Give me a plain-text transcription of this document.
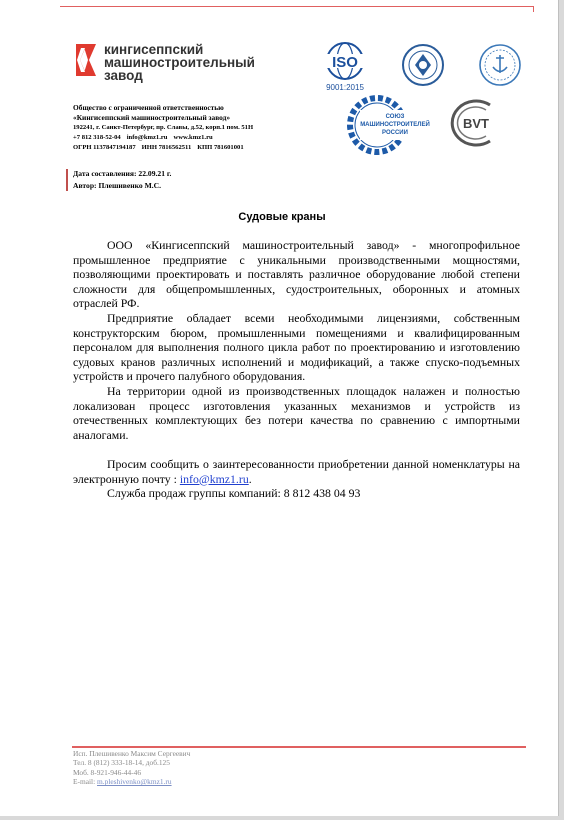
кингисеппский
машиностроительный
завод
Общество с ограниченной ответственностью
«Кингисеппский машиностроительный завод»
192241, г. Санкт-Петербург, пр. Славы, д.52, корп.1 пом. 51Н
+7 812 318-52-04 info@kmz1.ru www.kmz1.ru
ОГРН 1137847194187 ИНН 7816562511 КПП 781601001
ISO
9001:2015
СОЮЗ
МАШИНОСТРОИТЕЛЕЙ
РОССИИ
BVT
Дата составления: 22.09.21 г.
Автор: Плешивенко М.С.
Судовые краны

ООО «Кингисеппский машиностроительный завод» - многопрофильное промышленное предприятие с уникальными производственными мощностями, позволяющими проектировать и поставлять различное оборудование любой степени сложности для общепромышленных, судостроительных, оборонных и атомных отраслей РФ.

Предприятие обладает всеми необходимыми лицензиями, собственным конструкторским бюром, промышленными помещениями и квалифицированным персоналом для выполнения полного цикла работ по проектированию и изготовлению судовых кранов различных исполнений и модификаций, а также спуско-подъемных устройств и прочего палубного оборудования.

На территории одной из производственных площадок налажен и полностью локализован процесс изготовления указанных механизмов и устройств из отечественных комплектующих без потери качества по сравнению с импортными аналогами.

Просим сообщить о заинтересованности приобретении данной номенклатуры на электронную почту : info@kmz1.ru.

Служба продаж группы компаний: 8 812 438 04 93

Исп. Плешивенко Максим Сергеевич
Тел. 8 (812) 333-18-14, доб.125
Моб. 8-921-946-44-46
E-mail: m.pleshivenko@kmz1.ru
